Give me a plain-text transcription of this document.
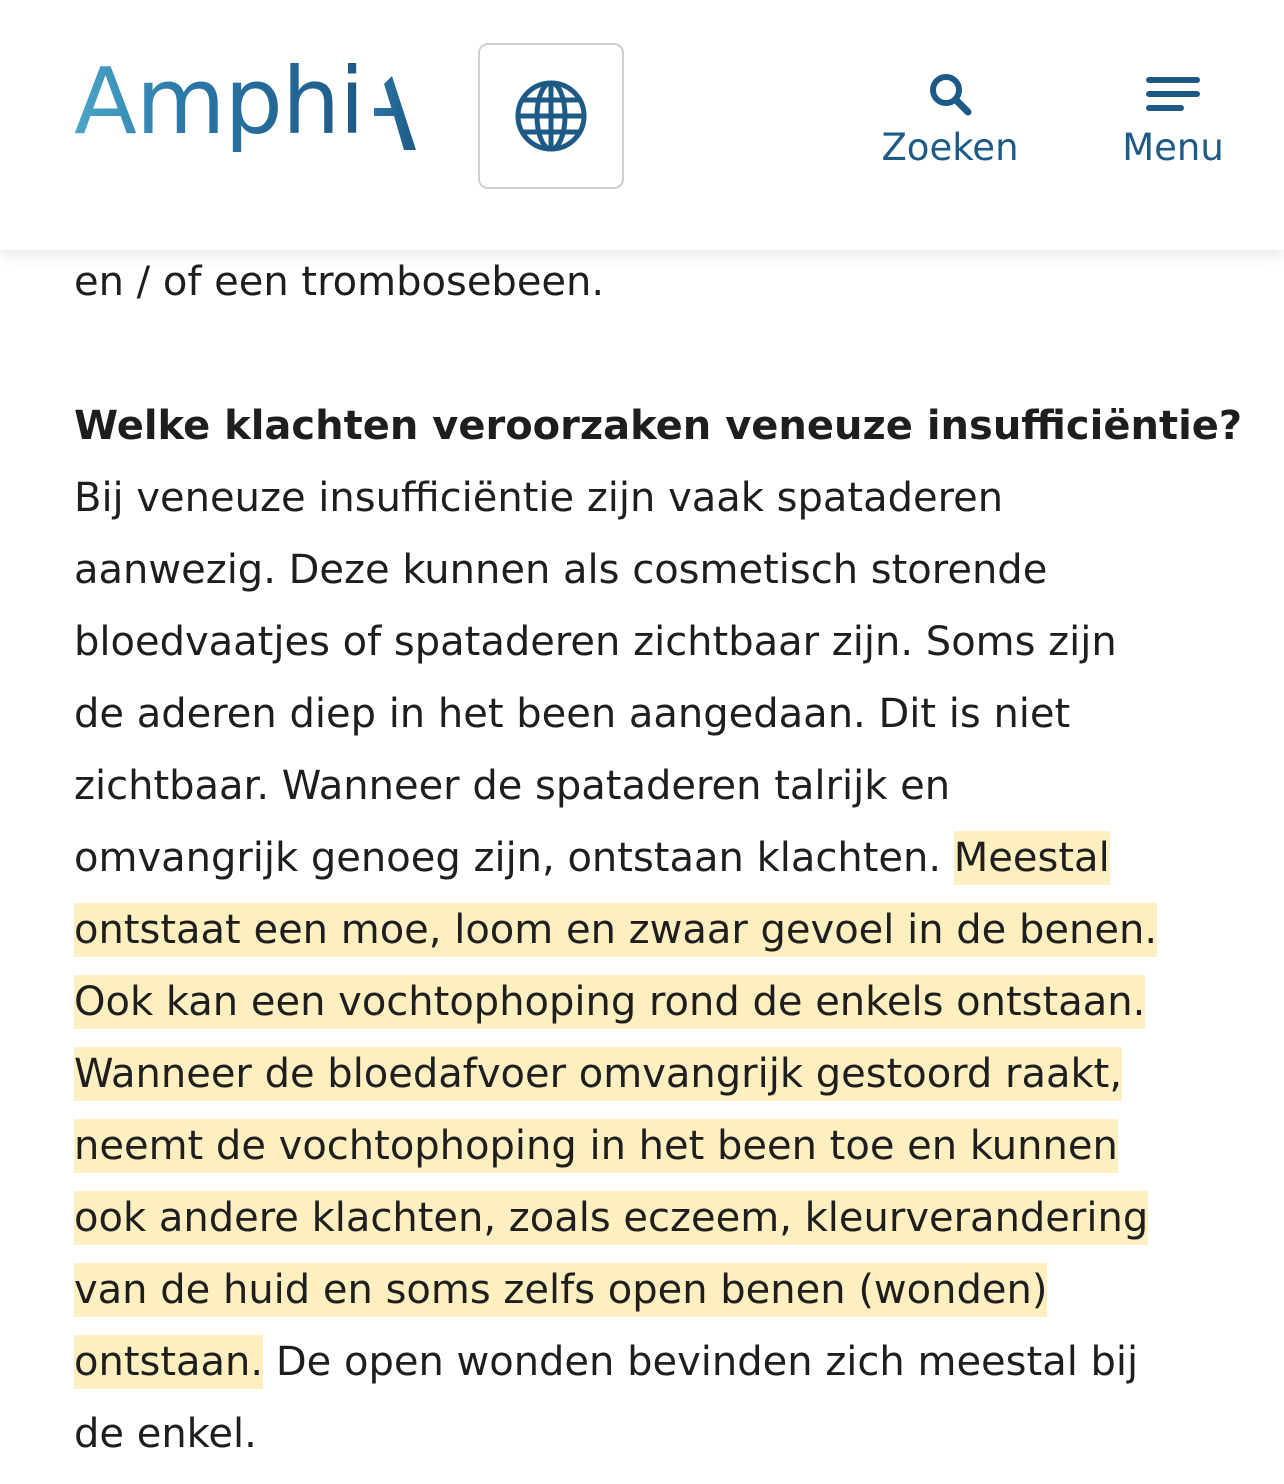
Amphi	Zoeken	Menu
en / of een trombosebeen.
Welke klachten veroorzaken veneuze insufficiëntie?
Bij veneuze insufficiëntie zijn vaak spataderen
aanwezig. Deze kunnen als cosmetisch storende
bloedvaatjes of spataderen zichtbaar zijn. Soms zijn
de aderen diep in het been aangedaan. Dit is niet
zichtbaar. Wanneer de spataderen talrijk en
omvangrijk genoeg zijn, ontstaan klachten. Meestal
ontstaat een moe, loom en zwaar gevoel in de benen.
Ook kan een vochtophoping rond de enkels ontstaan.
Wanneer de bloedafvoer omvangrijk gestoord raakt,
neemt de vochtophoping in het been toe en kunnen
ook andere klachten, zoals eczeem, kleurverandering
van de huid en soms zelfs open benen (wonden)
ontstaan. De open wonden bevinden zich meestal bij
de enkel.
